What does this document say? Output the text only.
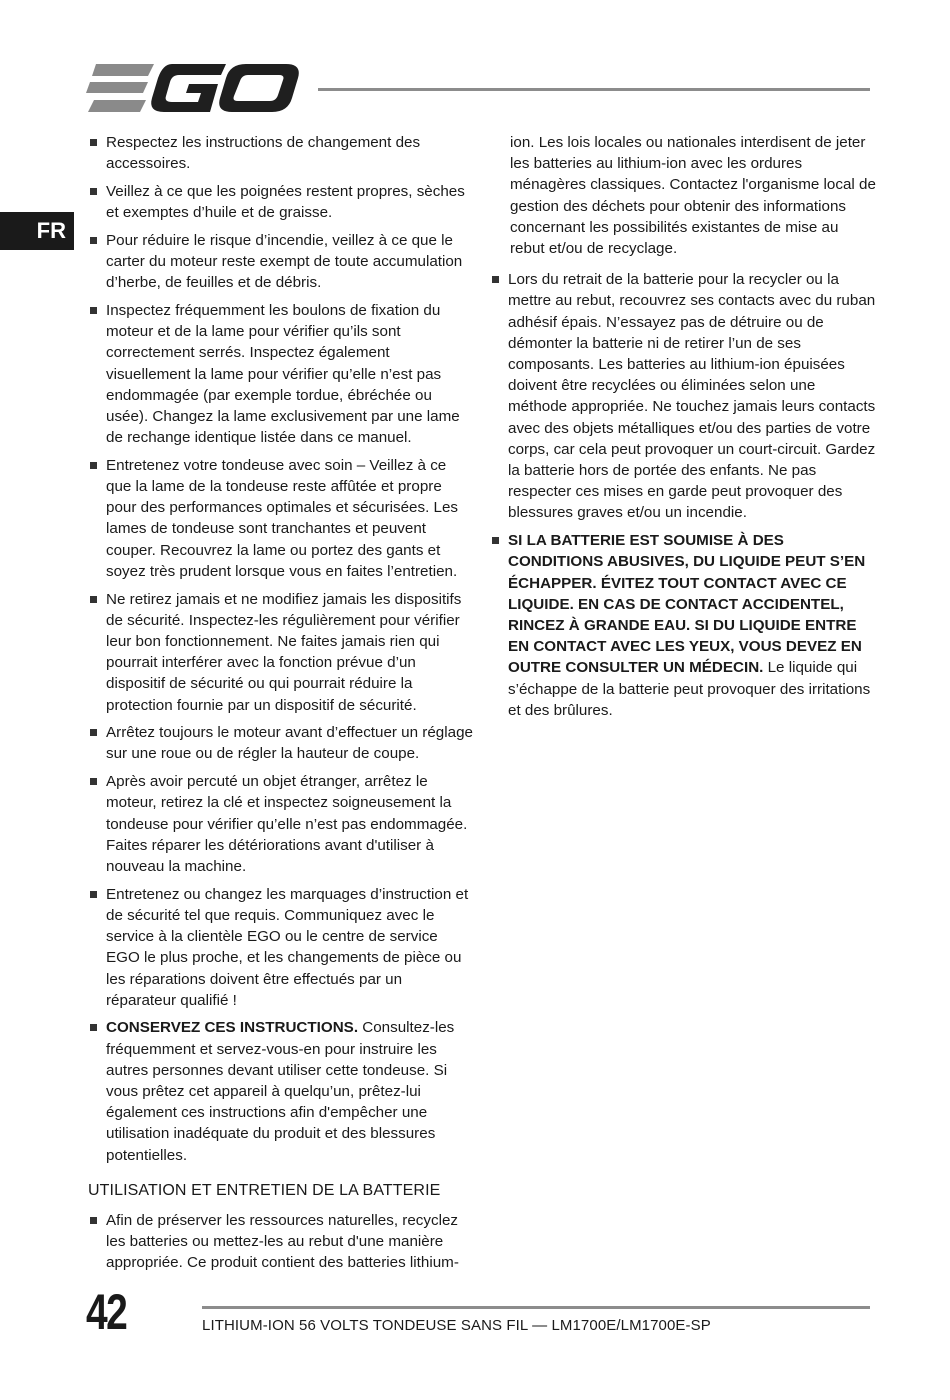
FR
Respectez les instructions de changement des accessoires.
Veillez à ce que les poignées restent propres, sèches et exemptes d’huile et de graisse.
Pour réduire le risque d’incendie, veillez à ce que le carter du moteur reste exempt de toute accumulation d’herbe, de feuilles et de débris.
Inspectez fréquemment les boulons de fixation du moteur et de la lame pour vérifier qu’ils sont correctement serrés. Inspectez également visuellement la lame pour vérifier qu’elle n’est pas endommagée (par exemple tordue, ébréchée ou usée). Changez la lame exclusivement par une lame de rechange identique listée dans ce manuel.
Entretenez votre tondeuse avec soin – Veillez à ce que la lame de la tondeuse reste affûtée et propre pour des performances optimales et sécurisées. Les lames de tondeuse sont tranchantes et peuvent couper. Recouvrez la lame ou portez des gants et soyez très prudent lorsque vous en faites l’entretien.
Ne retirez jamais et ne modifiez jamais les dispositifs de sécurité. Inspectez-les régulièrement pour vérifier leur bon fonctionnement. Ne faites jamais rien qui pourrait interférer avec la fonction prévue d’un dispositif de sécurité ou qui pourrait réduire la protection fournie par un dispositif de sécurité.
Arrêtez toujours le moteur avant d’effectuer un réglage sur une roue ou de régler la hauteur de coupe.
Après avoir percuté un objet étranger, arrêtez le moteur, retirez la clé et inspectez soigneusement la tondeuse pour vérifier qu’elle n’est pas endommagée. Faites réparer les détériorations avant d'utiliser à nouveau la machine.
Entretenez ou changez les marquages d’instruction et de sécurité tel que requis. Communiquez avec le service à la clientèle EGO ou le centre de service EGO le plus proche, et les changements de pièce ou les réparations doivent être effectués par un réparateur qualifié !
CONSERVEZ CES INSTRUCTIONS. Consultez-les fréquemment et servez-vous-en pour instruire les autres personnes devant utiliser cette tondeuse. Si vous prêtez cet appareil à quelqu’un, prêtez-lui également ces instructions afin d'empêcher une utilisation inadéquate du produit et des blessures potentielles.
UTILISATION ET ENTRETIEN DE LA BATTERIE
Afin de préserver les ressources naturelles, recyclez les batteries ou mettez-les au rebut d'une manière appropriée. Ce produit contient des batteries lithium-

ion. Les lois locales ou nationales interdisent de jeter les batteries au lithium-ion avec les ordures ménagères classiques. Contactez l'organisme local de gestion des déchets pour obtenir des informations concernant les possibilités existantes de mise au rebut et/ou de recyclage.

Lors du retrait de la batterie pour la recycler ou la mettre au rebut, recouvrez ses contacts avec du ruban adhésif épais. N’essayez pas de détruire ou de démonter la batterie ni de retirer l’un de ses composants. Les batteries au lithium-ion épuisées doivent être recyclées ou éliminées selon une méthode appropriée. Ne touchez jamais leurs contacts avec des objets métalliques et/ou des parties de votre corps, car cela peut provoquer un court-circuit. Gardez la batterie hors de portée des enfants. Ne pas respecter ces mises en garde peut provoquer des blessures graves et/ou un incendie.
SI LA BATTERIE EST SOUMISE À DES CONDITIONS ABUSIVES, DU LIQUIDE PEUT S’EN ÉCHAPPER. ÉVITEZ TOUT CONTACT AVEC CE LIQUIDE. EN CAS DE CONTACT ACCIDENTEL, RINCEZ À GRANDE EAU. SI DU LIQUIDE ENTRE EN CONTACT AVEC LES YEUX, VOUS DEVEZ EN OUTRE CONSULTER UN MÉDECIN. Le liquide qui s’échappe de la batterie peut provoquer des irritations et des brûlures.
42	LITHIUM-ION 56 VOLTS TONDEUSE SANS FIL — LM1700E/LM1700E-SP
